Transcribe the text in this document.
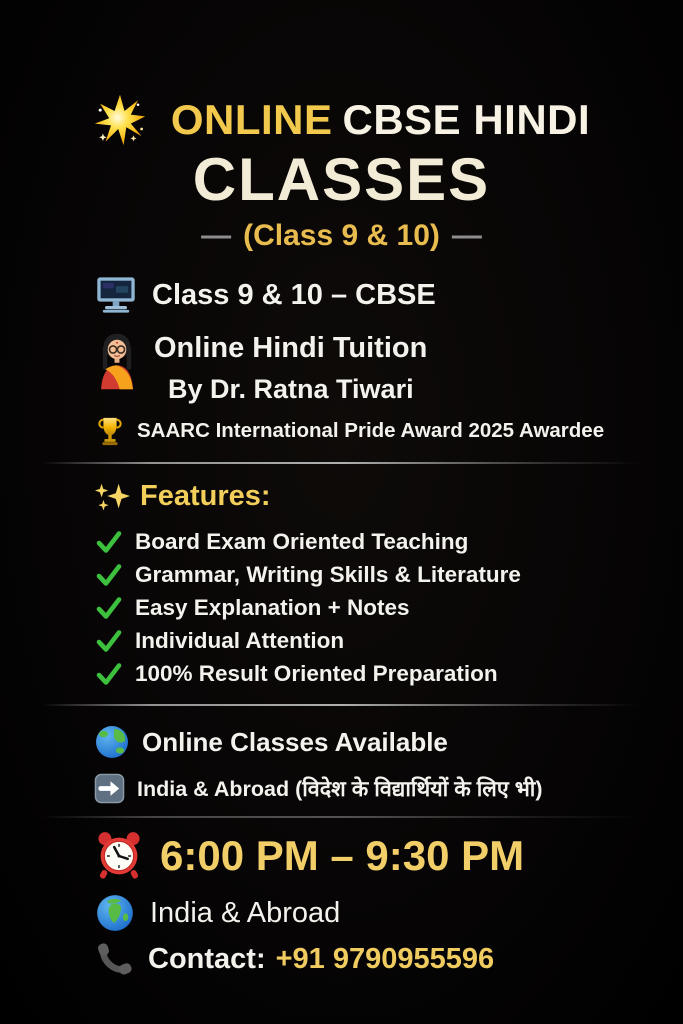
ONLINE CBSE HINDI
CLASSES
— (Class 9 & 10) —
Class 9 & 10 – CBSE
Online Hindi Tuition
By Dr. Ratna Tiwari
SAARC International Pride Award 2025 Awardee
Features:
Board Exam Oriented Teaching
Grammar, Writing Skills & Literature
Easy Explanation + Notes
Individual Attention
100% Result Oriented Preparation
Online Classes Available
India & Abroad (विदेश के विद्यार्थियों के लिए भी)
6:00 PM – 9:30 PM
India & Abroad
Contact: +91 9790955596
